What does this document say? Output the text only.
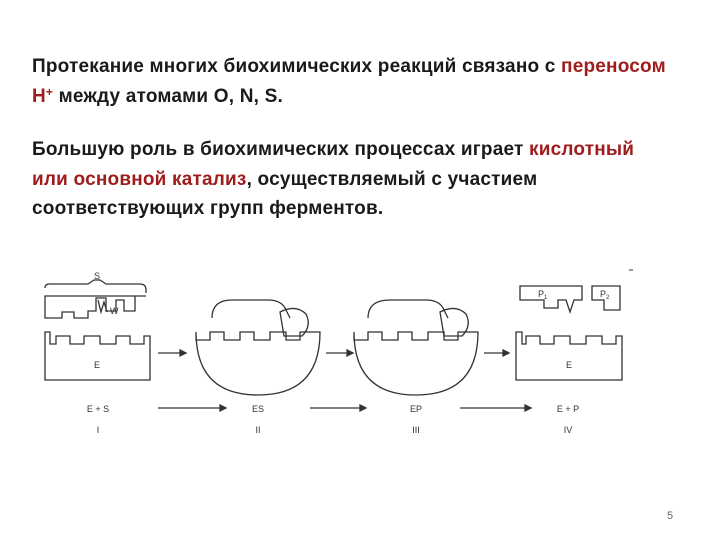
Протекание многих биохимических реакций связано с переносом Н+ между атомами O, N, S.

Большую роль в биохимических процессах играет кислотный или основной катализ, осуществляемый с участием соответствующих групп ферментов.

S
W
E
$P_1$	$P_2$
E
E + S
I
ES
II
EP
III
E + P
IV
5
